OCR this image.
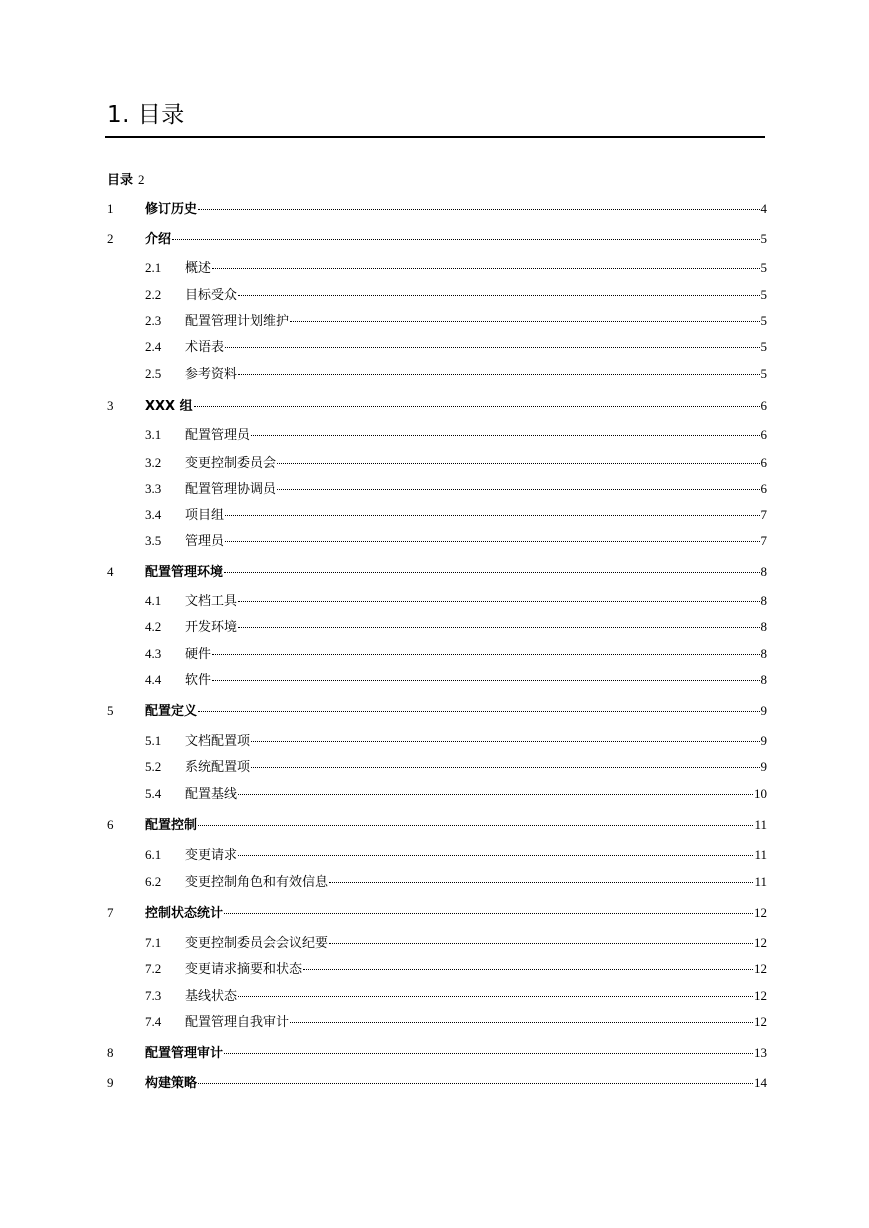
1. 目录
目录 2
1	修订历史	4
2	介绍	5
2.1	概述	5
2.2	目标受众	5
2.3	配置管理计划维护	5
2.4	术语表	5
2.5	参考资料	5
3	XXX 组	6
3.1	配置管理员	6
3.2	变更控制委员会	6
3.3	配置管理协调员	6
3.4	项目组	7
3.5	管理员	7
4	配置管理环境	8
4.1	文档工具	8
4.2	开发环境	8
4.3	硬件	8
4.4	软件	8
5	配置定义	9
5.1	文档配置项	9
5.2	系统配置项	9
5.4	配置基线	10
6	配置控制	11
6.1	变更请求	11
6.2	变更控制角色和有效信息	11
7	控制状态统计	12
7.1	变更控制委员会会议纪要	12
7.2	变更请求摘要和状态	12
7.3	基线状态	12
7.4	配置管理自我审计	12
8	配置管理审计	13
9	构建策略	14
